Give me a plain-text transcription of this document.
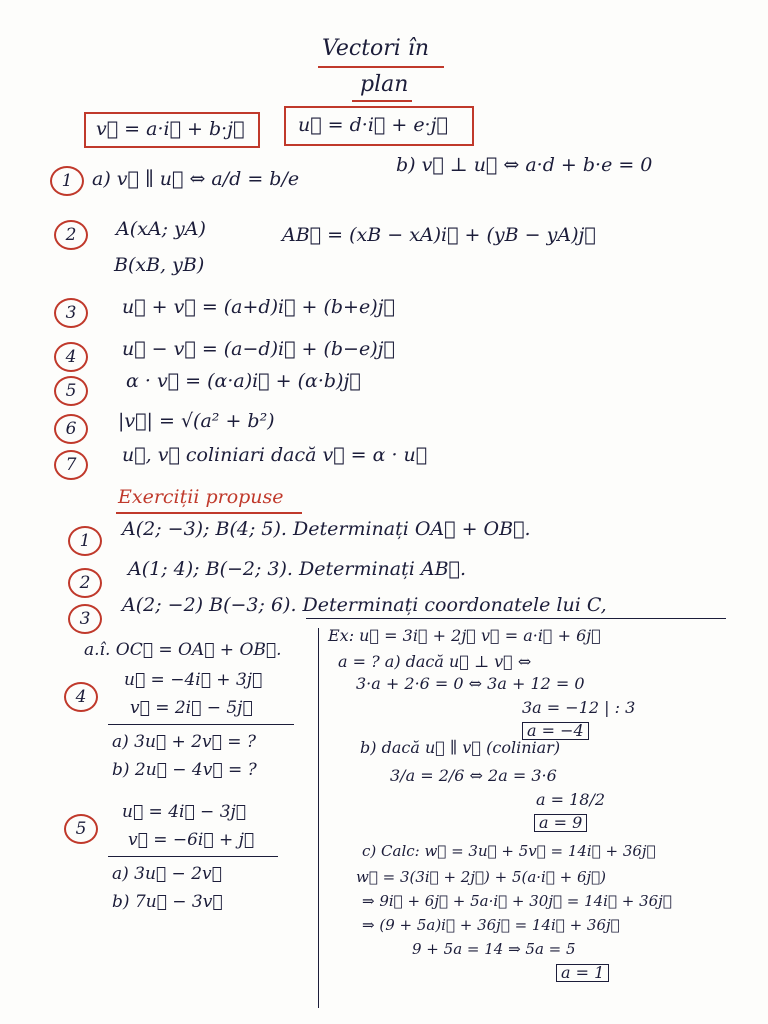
Vectori în
plan
v⃗ = a·i⃗ + b·j⃗	u⃗ = d·i⃗ + e·j⃗
1	a) v⃗ ∥ u⃗ ⇔ a/d = b/e
b) v⃗ ⊥ u⃗ ⇔ a·d + b·e = 0
2	A(xA; yA)
B(xB, yB)
AB⃗ = (xB − xA)i⃗ + (yB − yA)j⃗
3	u⃗ + v⃗ = (a+d)i⃗ + (b+e)j⃗
4	u⃗ − v⃗ = (a−d)i⃗ + (b−e)j⃗
5	α · v⃗ = (α·a)i⃗ + (α·b)j⃗
6	|v⃗| = √(a² + b²)
7	u⃗, v⃗ coliniari dacă v⃗ = α · u⃗
Exerciții propuse
1
A(2; −3); B(4; 5). Determinați OA⃗ + OB⃗.
2
A(1; 4); B(−2; 3). Determinați AB⃗.
3
A(2; −2) B(−3; 6). Determinați coordonatele lui C,
a.î. OC⃗ = OA⃗ + OB⃗.
4
u⃗ = −4i⃗ + 3j⃗
v⃗ = 2i⃗ − 5j⃗
a) 3u⃗ + 2v⃗ = ?
b) 2u⃗ − 4v⃗ = ?
5
u⃗ = 4i⃗ − 3j⃗
v⃗ = −6i⃗ + j⃗
a) 3u⃗ − 2v⃗
b) 7u⃗ − 3v⃗
Ex: u⃗ = 3i⃗ + 2j⃗ v⃗ = a·i⃗ + 6j⃗
a = ? a) dacă u⃗ ⊥ v⃗ ⇔
3·a + 2·6 = 0 ⇔ 3a + 12 = 0
3a = −12 | : 3
a = −4
b) dacă u⃗ ∥ v⃗ (coliniar)
3/a = 2/6 ⇔ 2a = 3·6
a = 18/2
a = 9
c) Calc: w⃗ = 3u⃗ + 5v⃗ = 14i⃗ + 36j⃗
w⃗ = 3(3i⃗ + 2j⃗) + 5(a·i⃗ + 6j⃗)
⇒ 9i⃗ + 6j⃗ + 5a·i⃗ + 30j⃗ = 14i⃗ + 36j⃗
⇒ (9 + 5a)i⃗ + 36j⃗ = 14i⃗ + 36j⃗
9 + 5a = 14 ⇒ 5a = 5
a = 1
